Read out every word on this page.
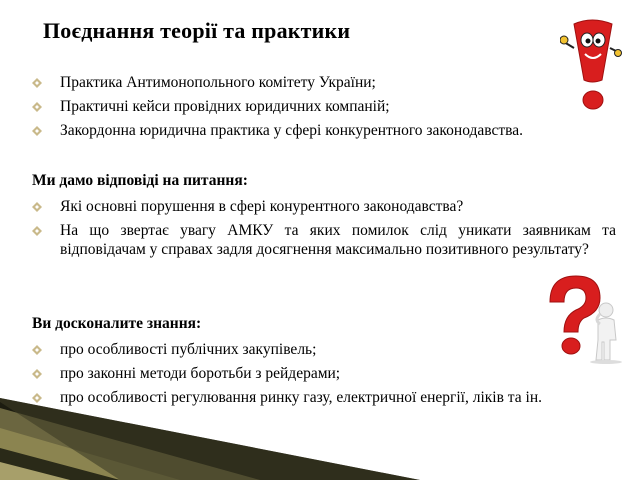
Поєднання теорії та практики
Практика Антимонопольного комітету України;
Практичні кейси провідних юридичних компаній;
Закордонна юридична практика у сфері конкурентного законодавства.
Ми дамо відповіді на питання:
Які основні порушення в сфері конурентного законодавства?
На що звертає увагу АМКУ та яких помилок слід уникати заявникам та відповідачам у справах задля досягнення максимально позитивного результату?
Ви досконалите знання:
про особливості публічних закупівель;
про законні методи боротьби з рейдерами;
про особливості регулювання ринку газу, електричної енергії, ліків та ін.
